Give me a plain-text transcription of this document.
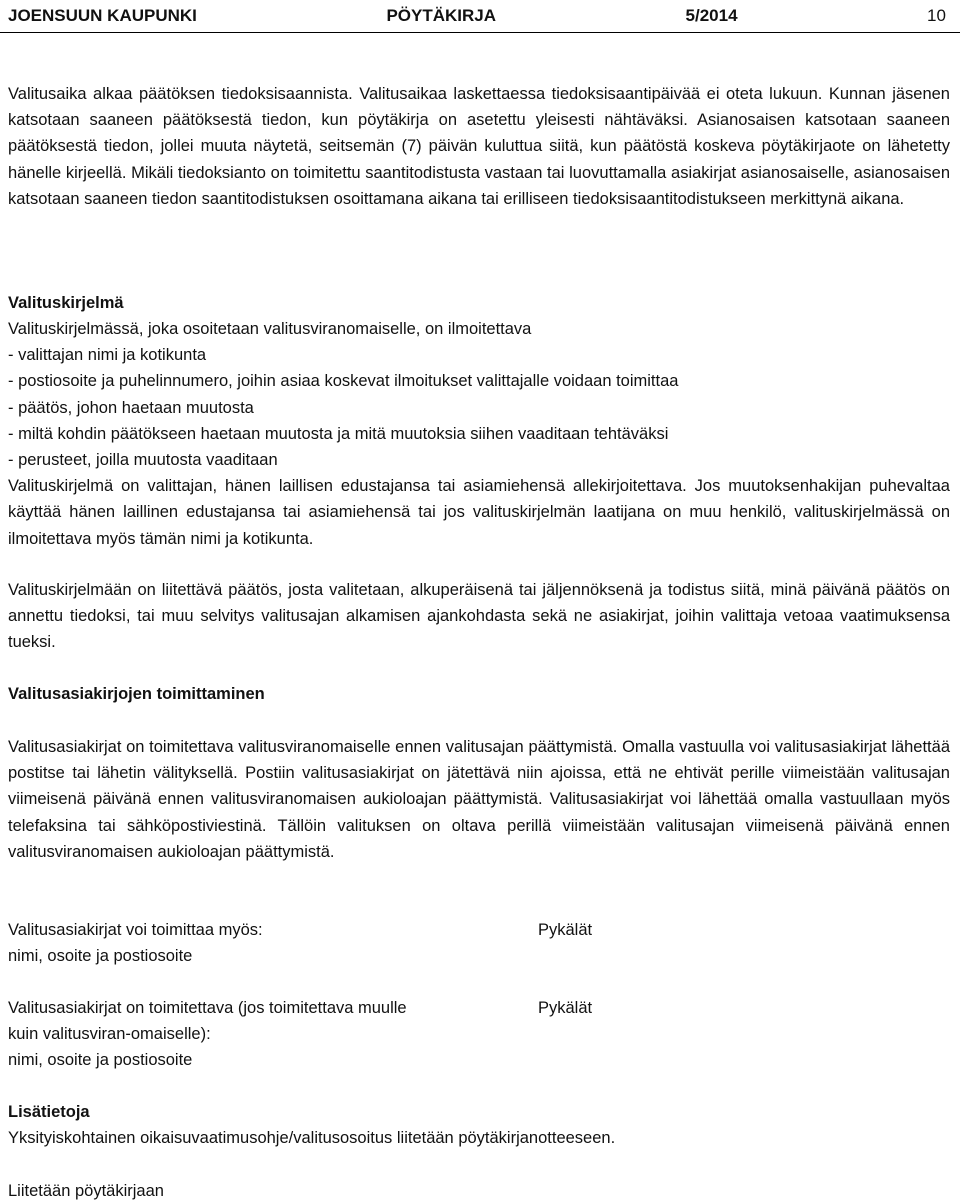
JOENSUUN KAUPUNKI	PÖYTÄKIRJA	5/2014	10

Valitusaika alkaa päätöksen tiedoksisaannista. Valitusaikaa laskettaessa tiedoksisaantipäivää ei oteta lukuun. Kunnan jäsenen katsotaan saaneen päätöksestä tiedon, kun pöytäkirja on asetettu yleisesti nähtäväksi. Asianosaisen katsotaan saaneen päätöksestä tiedon, jollei muuta näytetä, seitsemän (7) päivän kuluttua siitä, kun päätöstä koskeva pöytäkirjaote on lähetetty hänelle kirjeellä. Mikäli tiedoksianto on toimitettu saantitodistusta vastaan tai luovuttamalla asiakirjat asianosaiselle, asianosaisen katsotaan saaneen tiedon saantitodistuksen osoittamana aikana tai erilliseen tiedoksisaantitodistukseen merkittynä aikana.

Valituskirjelmä

Valituskirjelmässä, joka osoitetaan valitusviranomaiselle, on ilmoitettava

- valittajan nimi ja kotikunta

- postiosoite ja puhelinnumero, joihin asiaa koskevat ilmoitukset valittajalle voidaan toimittaa

- päätös, johon haetaan muutosta

- miltä kohdin päätökseen haetaan muutosta ja mitä muutoksia siihen vaaditaan tehtäväksi

- perusteet, joilla muutosta vaaditaan

Valituskirjelmä on valittajan, hänen laillisen edustajansa tai asiamiehensä allekirjoitettava. Jos muutoksenhakijan puhevaltaa käyttää hänen laillinen edustajansa tai asiamiehensä tai jos valituskirjelmän laatijana on muu henkilö, valituskirjelmässä on ilmoitettava myös tämän nimi ja kotikunta.

Valituskirjelmään on liitettävä päätös, josta valitetaan, alkuperäisenä tai jäljennöksenä ja todistus siitä, minä päivänä päätös on annettu tiedoksi, tai muu selvitys valitusajan alkamisen ajankohdasta sekä ne asiakirjat, joihin valittaja vetoaa vaatimuksensa tueksi.

Valitusasiakirjojen toimittaminen

Valitusasiakirjat on toimitettava valitusviranomaiselle ennen valitusajan päättymistä. Omalla vastuulla voi valitusasiakirjat lähettää postitse tai lähetin välityksellä. Postiin valitusasiakirjat on jätettävä niin ajoissa, että ne ehtivät perille viimeistään valitusajan viimeisenä päivänä ennen valitusviranomaisen aukioloajan päättymistä. Valitusasiakirjat voi lähettää omalla vastuullaan myös telefaksina tai sähköpostiviestinä. Tällöin valituksen on oltava perillä viimeistään valitusajan viimeisenä päivänä ennen valitusviranomaisen aukioloajan päättymistä.

Valitusasiakirjat voi toimittaa myös:

nimi, osoite ja postiosoite

Pykälät

Valitusasiakirjat on toimitettava (jos toimitettava muulle

kuin valitusviran-omaiselle):

nimi, osoite ja postiosoite

Pykälät

Lisätietoja

Yksityiskohtainen oikaisuvaatimusohje/valitusosoitus liitetään pöytäkirjanotteeseen.

Liitetään pöytäkirjaan
